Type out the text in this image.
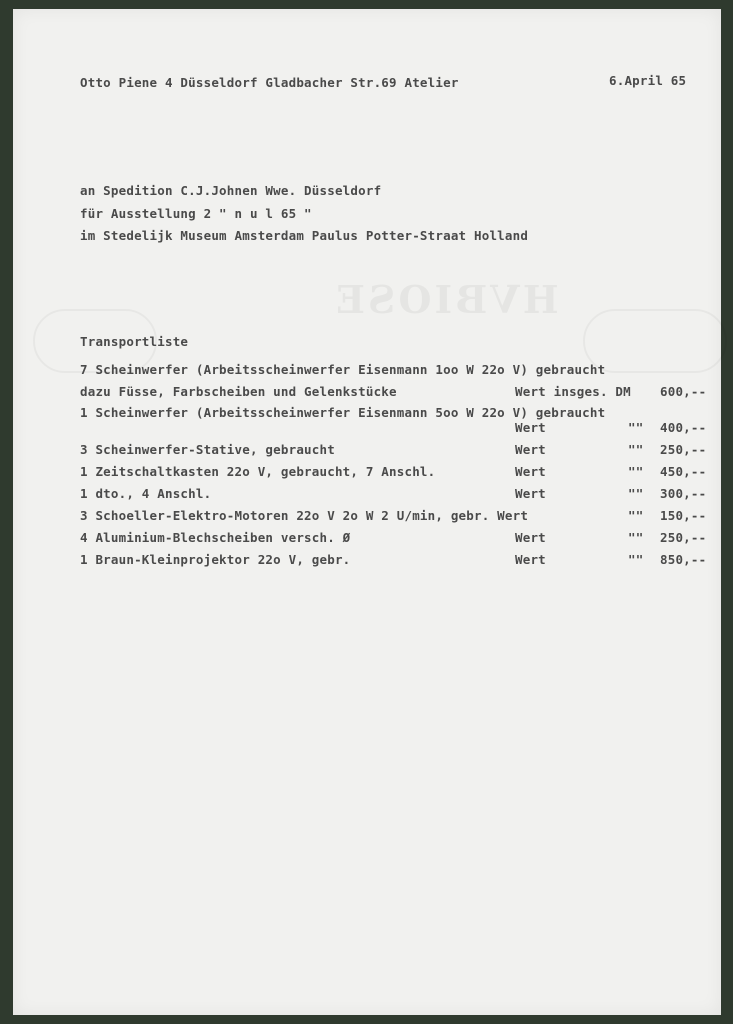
Otto Piene 4 Düsseldorf Gladbacher Str.69 Atelier	6.April 65
an Spedition C.J.Johnen Wwe. Düsseldorf
für Ausstellung 2 " n u l 65 "
im Stedelijk Museum Amsterdam Paulus Potter-Straat Holland
Transportliste
7 Scheinwerfer (Arbeitsscheinwerfer Eisenmann 1oo W 22o V) gebraucht
dazu Füsse, Farbscheiben und Gelenkstücke	Wert insges. DM 600,--
1 Scheinwerfer (Arbeitsscheinwerfer Eisenmann 5oo W 22o V) gebraucht
Wert	"" 400,--
3 Scheinwerfer-Stative, gebraucht	Wert	"" 250,--
1 Zeitschaltkasten 22o V, gebraucht, 7 Anschl.	Wert	"" 450,--
1 dto., 4 Anschl.	Wert	"" 300,--
3 Schoeller-Elektro-Motoren 22o V 2o W 2 U/min, gebr. Wert	"" 150,--
4 Aluminium-Blechscheiben versch. Ø	Wert	"" 250,--
1 Braun-Kleinprojektor 22o V, gebr.	Wert	"" 850,--
